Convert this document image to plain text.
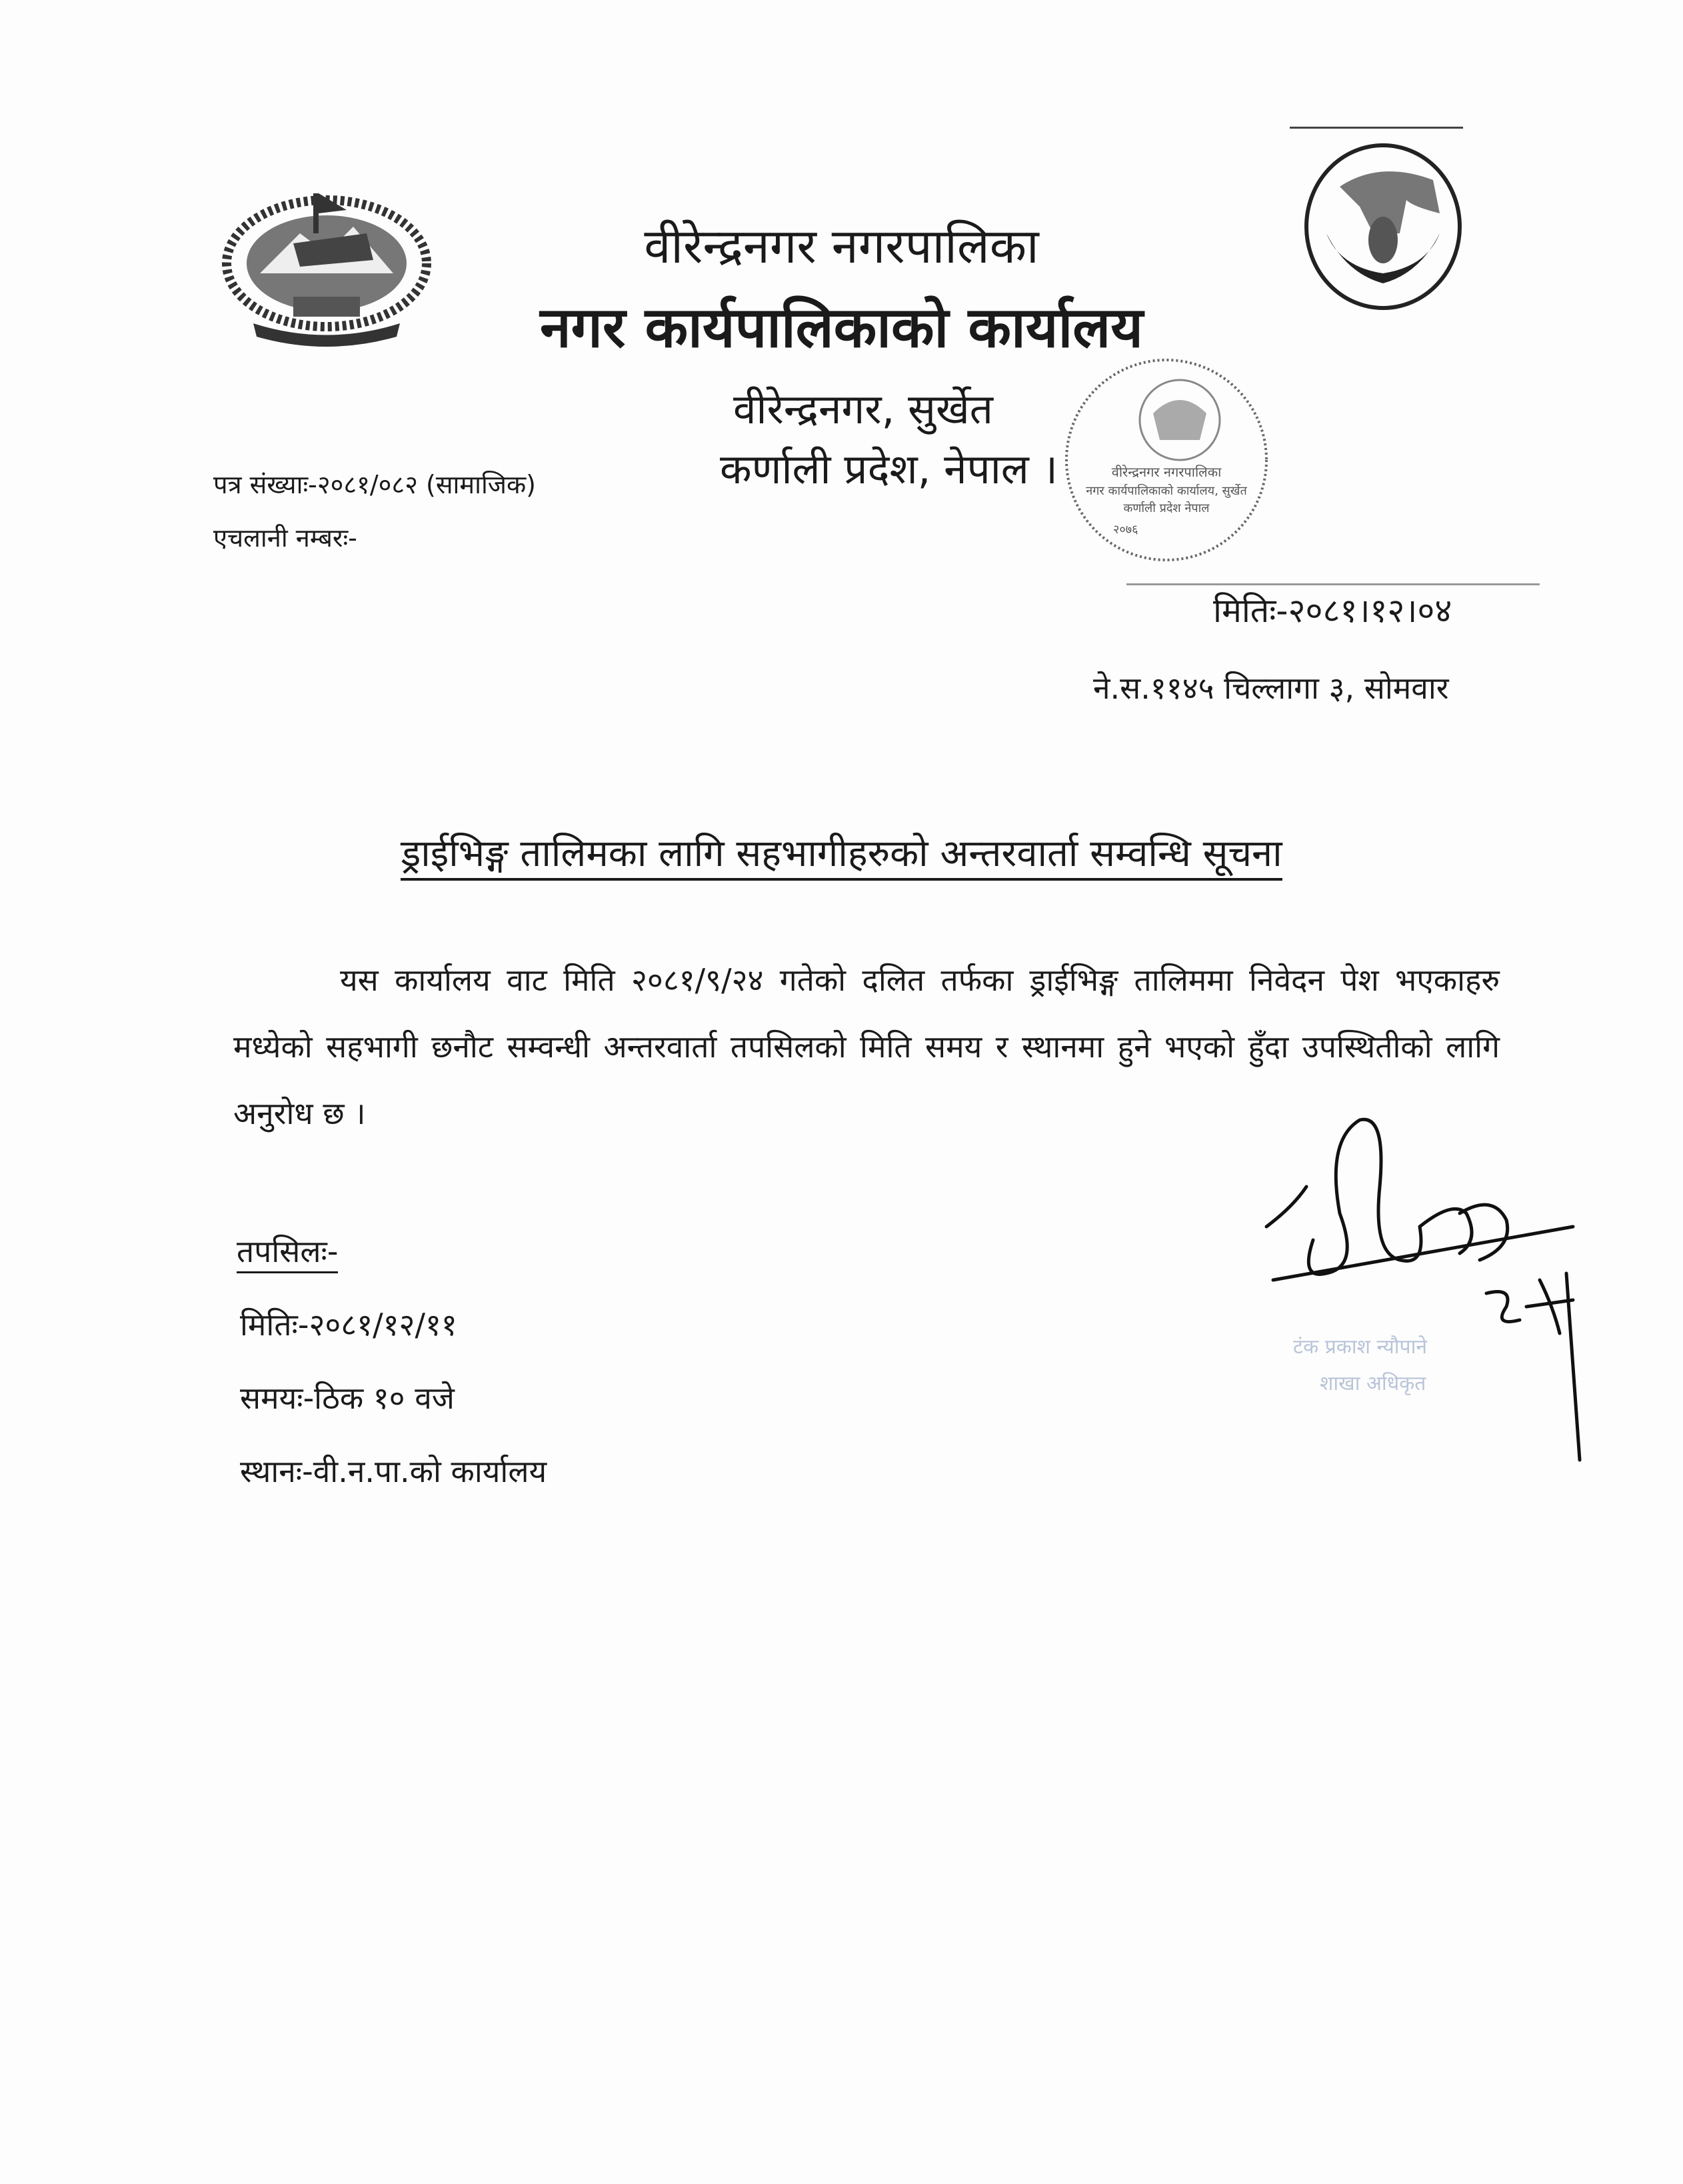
वीरेन्द्रनगर नगरपालिका
नगर कार्यपालिकाको कार्यालय
वीरेन्द्रनगर, सुर्खेत
कर्णाली प्रदेश, नेपाल ।
पत्र संख्याः-२०८१/०८२ (सामाजिक)
एचलानी नम्बरः-
वीरेन्द्रनगर नगरपालिका
नगर कार्यपालिकाको कार्यालय, सुर्खेत
कर्णाली प्रदेश नेपाल
२०७६
मितिः-२०८१।१२।०४
ने.स.११४५ चिल्लागा ३, सोमवार
ड्राईभिङ्ग तालिमका लागि सहभागीहरुको अन्तरवार्ता सम्वन्धि सूचना
यस कार्यालय वाट मिति २०८१/९/२४ गतेको दलित तर्फका ड्राईभिङ्ग तालिममा निवेदन पेश भएकाहरु मध्येको सहभागी छनौट सम्वन्धी अन्तरवार्ता तपसिलको मिति समय र स्थानमा हुने भएको हुँदा उपस्थितीको लागि अनुरोध छ ।
तपसिलः-
मितिः-२०८१/१२/११
समयः-ठिक १० वजे
स्थानः-वी.न.पा.को कार्यालय
टंक प्रकाश न्यौपाने
शाखा अधिकृत
